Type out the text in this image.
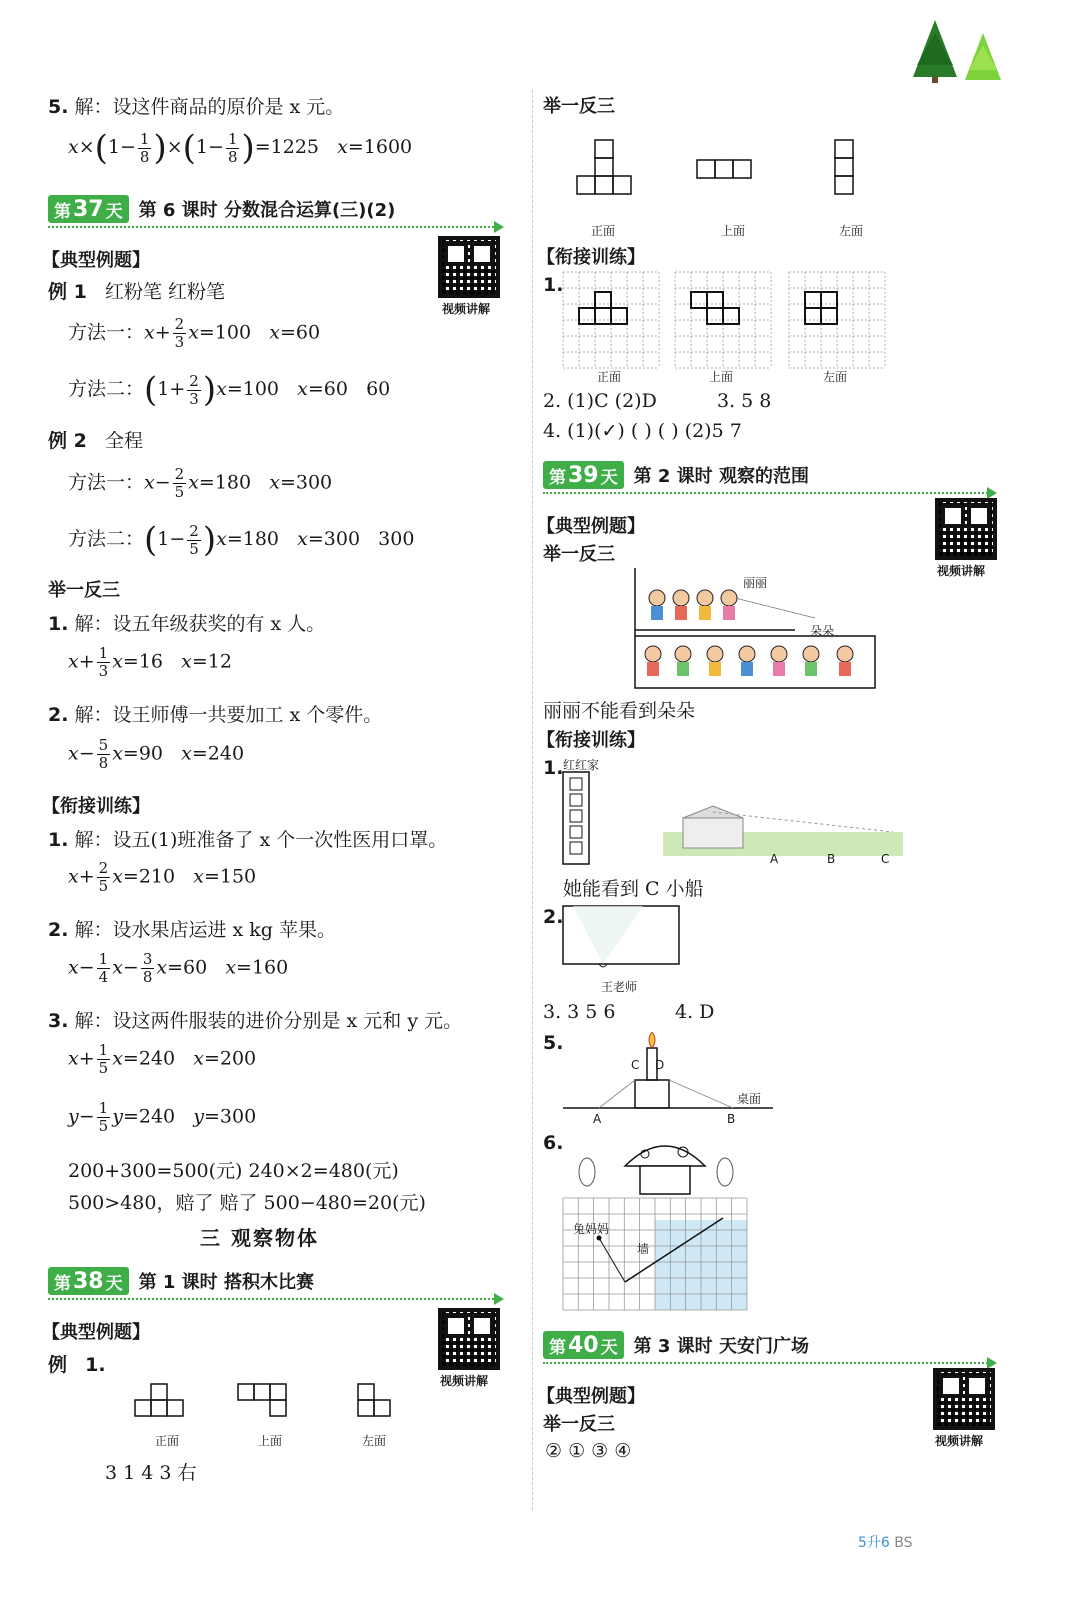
5. 解：设这件商品的原价是 x 元。
$x\times(1- \frac{1}{8} )\times(1- \frac{1}{8} )=1225$   x=1600
第 37 天 第 6 课时 分数混合运算(三)(2)
【典型例题】
视频讲解
例 1 红粉笔 红粉笔
方法一：$x+ \frac{2}{3} x=100$   x=60
方法二：$(1+ \frac{2}{3} )x=100$   x=60   60
例 2 全程
方法一：$x- \frac{2}{5} x=180$   x=300
方法二：$(1- \frac{2}{5} )x=180$   x=300   300
举一反三
1. 解：设五年级获奖的有 x 人。
$x+ \frac{1}{3} x=16$   x=12
2. 解：设王师傅一共要加工 x 个零件。
$x- \frac{5}{8} x=90$   x=240
【衔接训练】
1. 解：设五(1)班准备了 x 个一次性医用口罩。
$x+ \frac{2}{5} x=210$   x=150
2. 解：设水果店运进 x kg 苹果。
$x- \frac{1}{4} x- \frac{3}{8} x=60$   x=160
3. 解：设这两件服装的进价分别是 x 元和 y 元。
$x+ \frac{1}{5} x=240$   x=200
$y- \frac{1}{5} y=240$   y=300
200+300=500(元) 240×2=480(元)
500>480，赔了 赔了 500−480=20(元)
三 观察物体
第 38 天 第 1 课时 搭积木比赛
【典型例题】
视频讲解
例 1.
正面	上面	左面
3 1 4 3 右
举一反三
正面	上面	左面
【衔接训练】
1.
正面	上面	左面
2. (1)C (2)D	3. 5 8
4. (1)(✓) ( ) ( ) (2)5 7
第 39 天 第 2 课时 观察的范围
【典型例题】
视频讲解
举一反三
丽丽
朵朵
丽丽不能看到朵朵
【衔接训练】
1. 红红家
A	B	C
她能看到 C 小船
2.
王老师
3. 3 5 6	4. D
5.
C D
A	B
桌面
6.
兔妈妈
墙
第 40 天 第 3 课时 天安门广场
【典型例题】
视频讲解
举一反三
② ① ③ ④
5升6 BS
